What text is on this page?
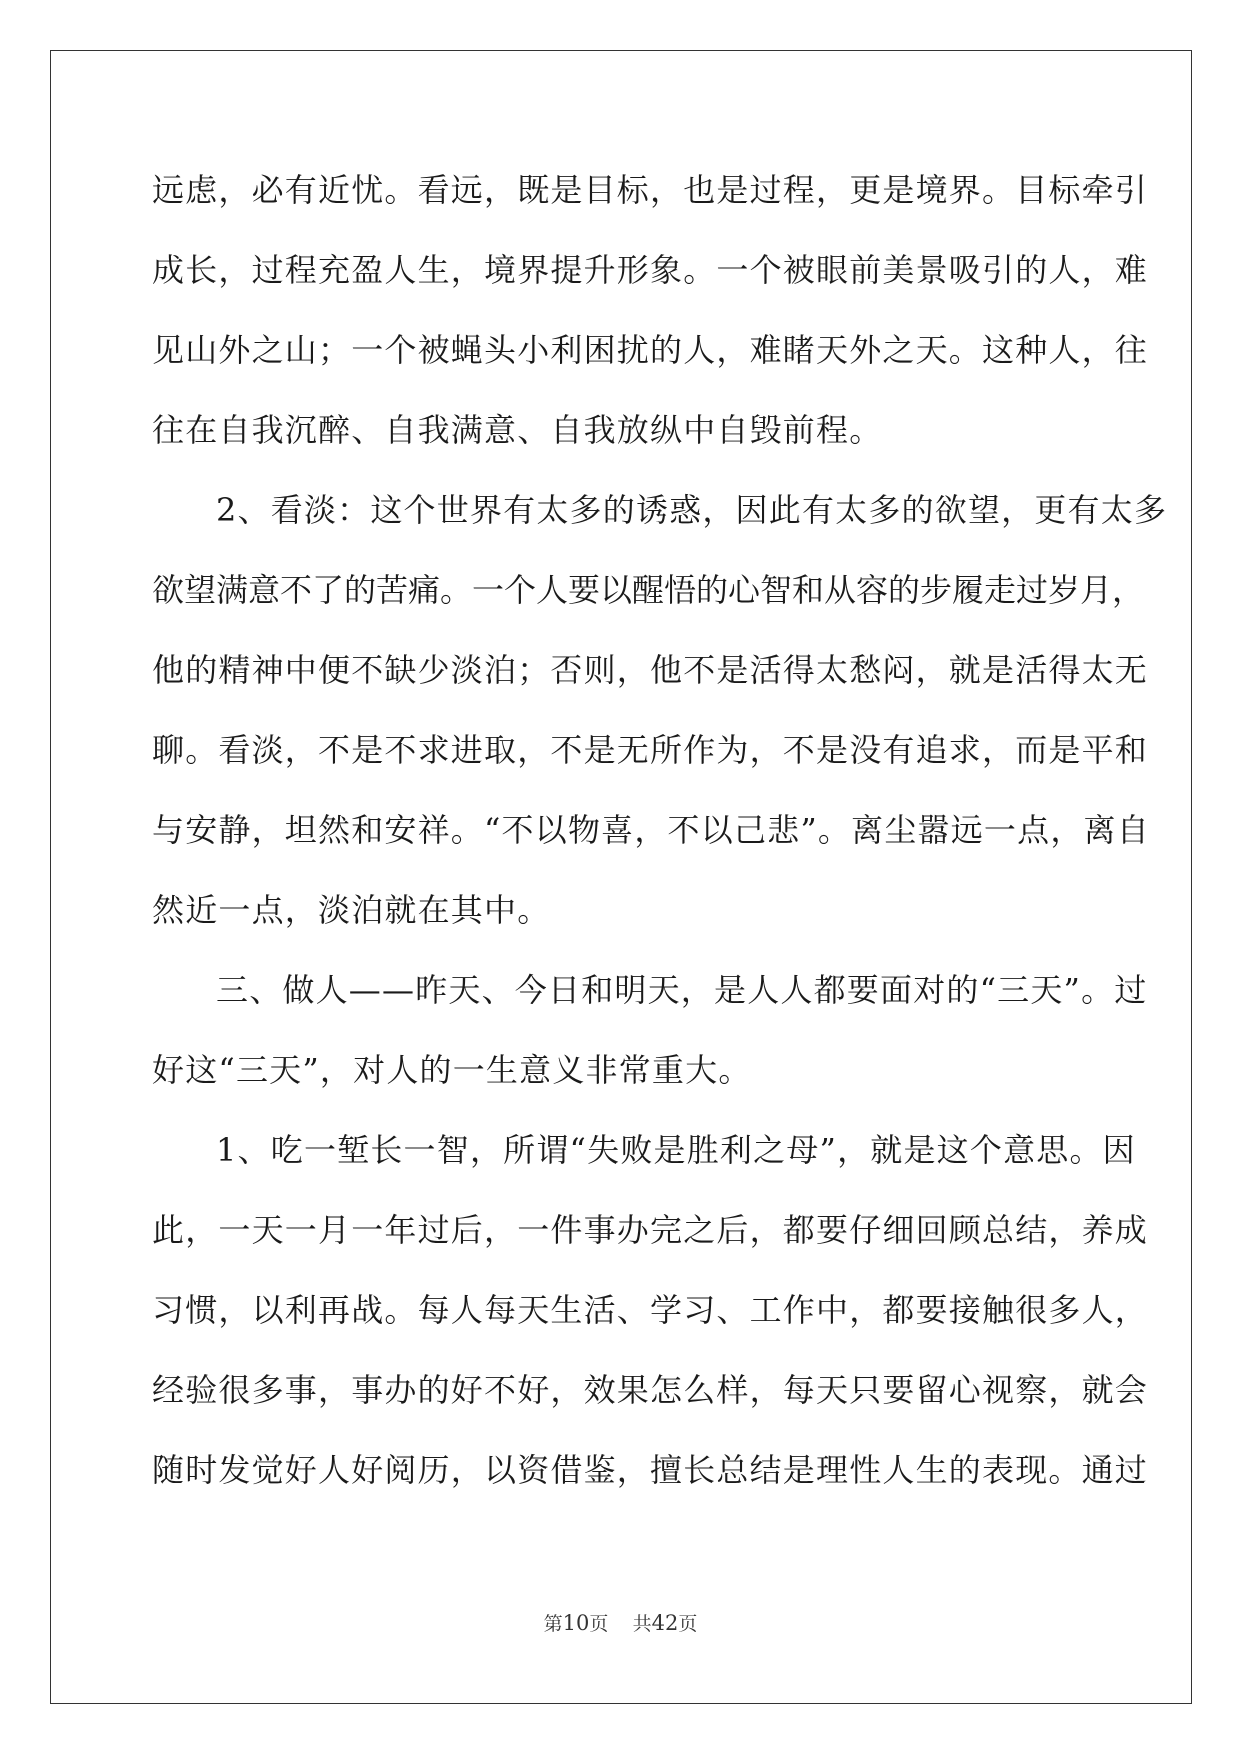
远虑，必有近忧。看远，既是目标，也是过程，更是境界。目标牵引
成长，过程充盈人生，境界提升形象。一个被眼前美景吸引的人，难
见山外之山；一个被蝇头小利困扰的人，难睹天外之天。这种人，往
往在自我沉醉、自我满意、自我放纵中自毁前程。
2、看淡：这个世界有太多的诱惑，因此有太多的欲望，更有太多
欲望满意不了的苦痛。一个人要以醒悟的心智和从容的步履走过岁月，
他的精神中便不缺少淡泊；否则，他不是活得太愁闷，就是活得太无
聊。看淡，不是不求进取，不是无所作为，不是没有追求，而是平和
与安静，坦然和安祥。“不以物喜，不以己悲”。离尘嚣远一点，离自
然近一点，淡泊就在其中。
三、做人——昨天、今日和明天，是人人都要面对的“三天”。过
好这“三天”，对人的一生意义非常重大。
1、吃一堑长一智，所谓“失败是胜利之母”，就是这个意思。因
此，一天一月一年过后，一件事办完之后，都要仔细回顾总结，养成
习惯，以利再战。每人每天生活、学习、工作中，都要接触很多人，
经验很多事，事办的好不好，效果怎么样，每天只要留心视察，就会
随时发觉好人好阅历，以资借鉴，擅长总结是理性人生的表现。通过
第10页 共42页
